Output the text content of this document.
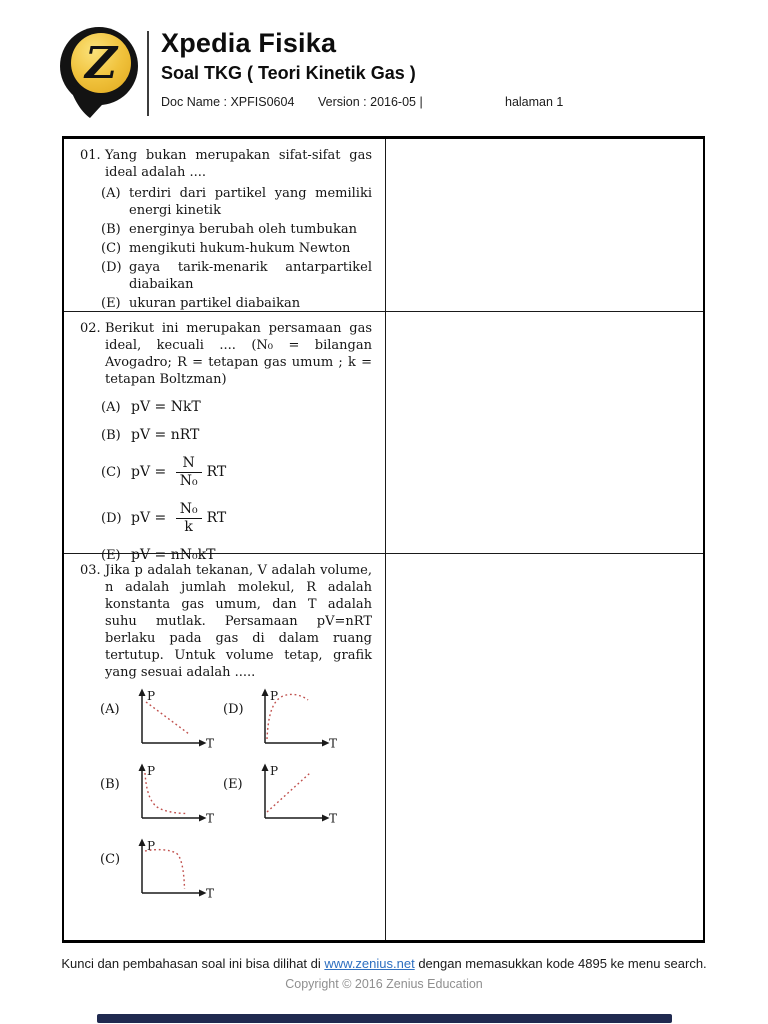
Z Xpedia Fisika
Soal TKG ( Teori Kinetik Gas )
Doc Name : XPFIS0604 Version : 2016-05 |	halaman 1
01. Yang bukan merupakan sifat-sifat gas ideal adalah ....
(A) terdiri dari partikel yang memiliki energi kinetik
(B) energinya berubah oleh tumbukan
(C) mengikuti hukum-hukum Newton
(D) gaya tarik-menarik antarpartikel diabaikan
(E) ukuran partikel diabaikan
02. Berikut ini merupakan persamaan gas ideal, kecuali .... (N₀ = bilangan Avogadro; R = tetapan gas umum ; k = tetapan Boltzman)
(A) pV = NkT
(B) pV = nRT
(C) pV = $\frac{N}{\text{N₀}}$ RT
(D) pV = $\frac{\text{N₀}}{k}$ RT
(E) pV = nN₀kT
03. Jika p adalah tekanan, V adalah volume, n adalah jumlah molekul, R adalah konstanta gas umum, dan T adalah suhu mutlak. Persamaan pV=nRT berlaku pada gas di dalam ruang tertutup. Untuk volume tetap, grafik yang sesuai adalah .....
(A)
P
T
(B)
P
T
(C)
P
T
(D)
P
T
(E)
P
T
Kunci dan pembahasan soal ini bisa dilihat di www.zenius.net dengan memasukkan kode 4895 ke menu search.
Copyright © 2016 Zenius Education
